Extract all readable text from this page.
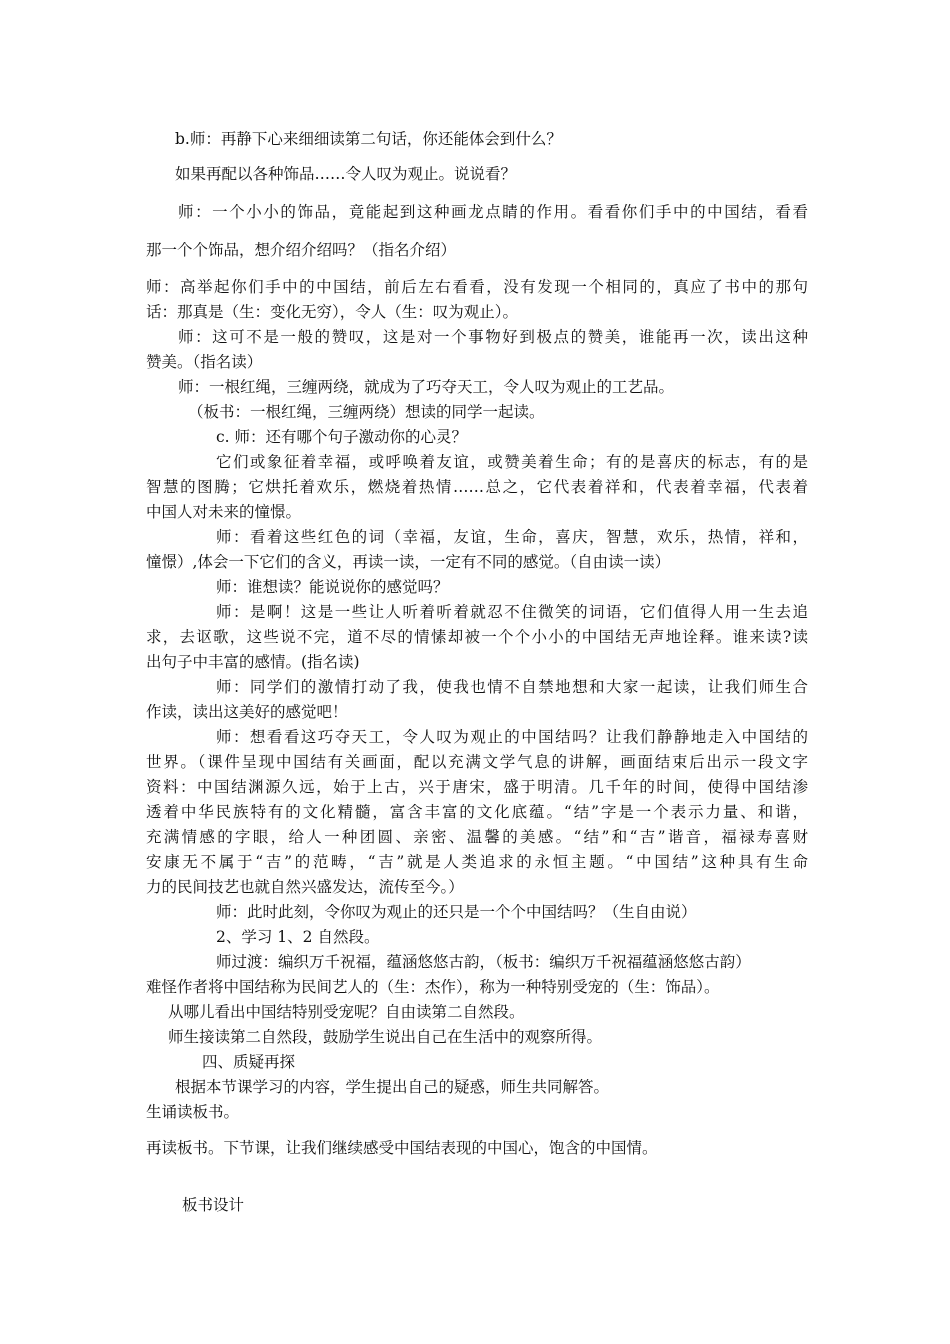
b.师：再静下心来细细读第二句话，你还能体会到什么？
如果再配以各种饰品……令人叹为观止。说说看？
师：一个小小的饰品，竟能起到这种画龙点睛的作用。看看你们手中的中国结，看看
那一个个饰品，想介绍介绍吗？（指名介绍）
师：高举起你们手中的中国结，前后左右看看，没有发现一个相同的，真应了书中的那句
话：那真是（生：变化无穷），令人（生：叹为观止）。
师：这可不是一般的赞叹，这是对一个事物好到极点的赞美，谁能再一次，读出这种
赞美。（指名读）
师：一根红绳，三缠两绕，就成为了巧夺天工，令人叹为观止的工艺品。
（板书：一根红绳，三缠两绕）想读的同学一起读。
c. 师：还有哪个句子激动你的心灵？
它们或象征着幸福，或呼唤着友谊，或赞美着生命；有的是喜庆的标志，有的是
智慧的图腾；它烘托着欢乐，燃烧着热情……总之，它代表着祥和，代表着幸福，代表着
中国人对未来的憧憬。
师：看着这些红色的词（幸福，友谊，生命，喜庆，智慧，欢乐，热情，祥和，
憧憬）,体会一下它们的含义，再读一读，一定有不同的感觉。（自由读一读）
师：谁想读？能说说你的感觉吗？
师：是啊！这是一些让人听着听着就忍不住微笑的词语，它们值得人用一生去追
求，去讴歌，这些说不完，道不尽的情愫却被一个个小小的中国结无声地诠释。谁来读?读
出句子中丰富的感情。(指名读)
师：同学们的激情打动了我，使我也情不自禁地想和大家一起读，让我们师生合
作读，读出这美好的感觉吧！
师：想看看这巧夺天工，令人叹为观止的中国结吗？让我们静静地走入中国结的
世界。（课件呈现中国结有关画面，配以充满文学气息的讲解，画面结束后出示一段文字
资料：中国结渊源久远，始于上古，兴于唐宋，盛于明清。几千年的时间，使得中国结渗
透着中华民族特有的文化精髓，富含丰富的文化底蕴。“结”字是一个表示力量、和谐，
充满情感的字眼，给人一种团圆、亲密、温馨的美感。“结”和“吉”谐音，福禄寿喜财
安康无不属于“吉”的范畴，“吉”就是人类追求的永恒主题。“中国结”这种具有生命
力的民间技艺也就自然兴盛发达，流传至今。）
师：此时此刻，令你叹为观止的还只是一个个中国结吗？（生自由说）
2、学习 1、2 自然段。
师过渡：编织万千祝福，蕴涵悠悠古韵，（板书：编织万千祝福蕴涵悠悠古韵）
难怪作者将中国结称为民间艺人的（生：杰作），称为一种特别受宠的（生：饰品）。
从哪儿看出中国结特别受宠呢？自由读第二自然段。
师生接读第二自然段，鼓励学生说出自己在生活中的观察所得。
四、质疑再探
根据本节课学习的内容，学生提出自己的疑惑，师生共同解答。
生诵读板书。
再读板书。下节课，让我们继续感受中国结表现的中国心，饱含的中国情。
板书设计
